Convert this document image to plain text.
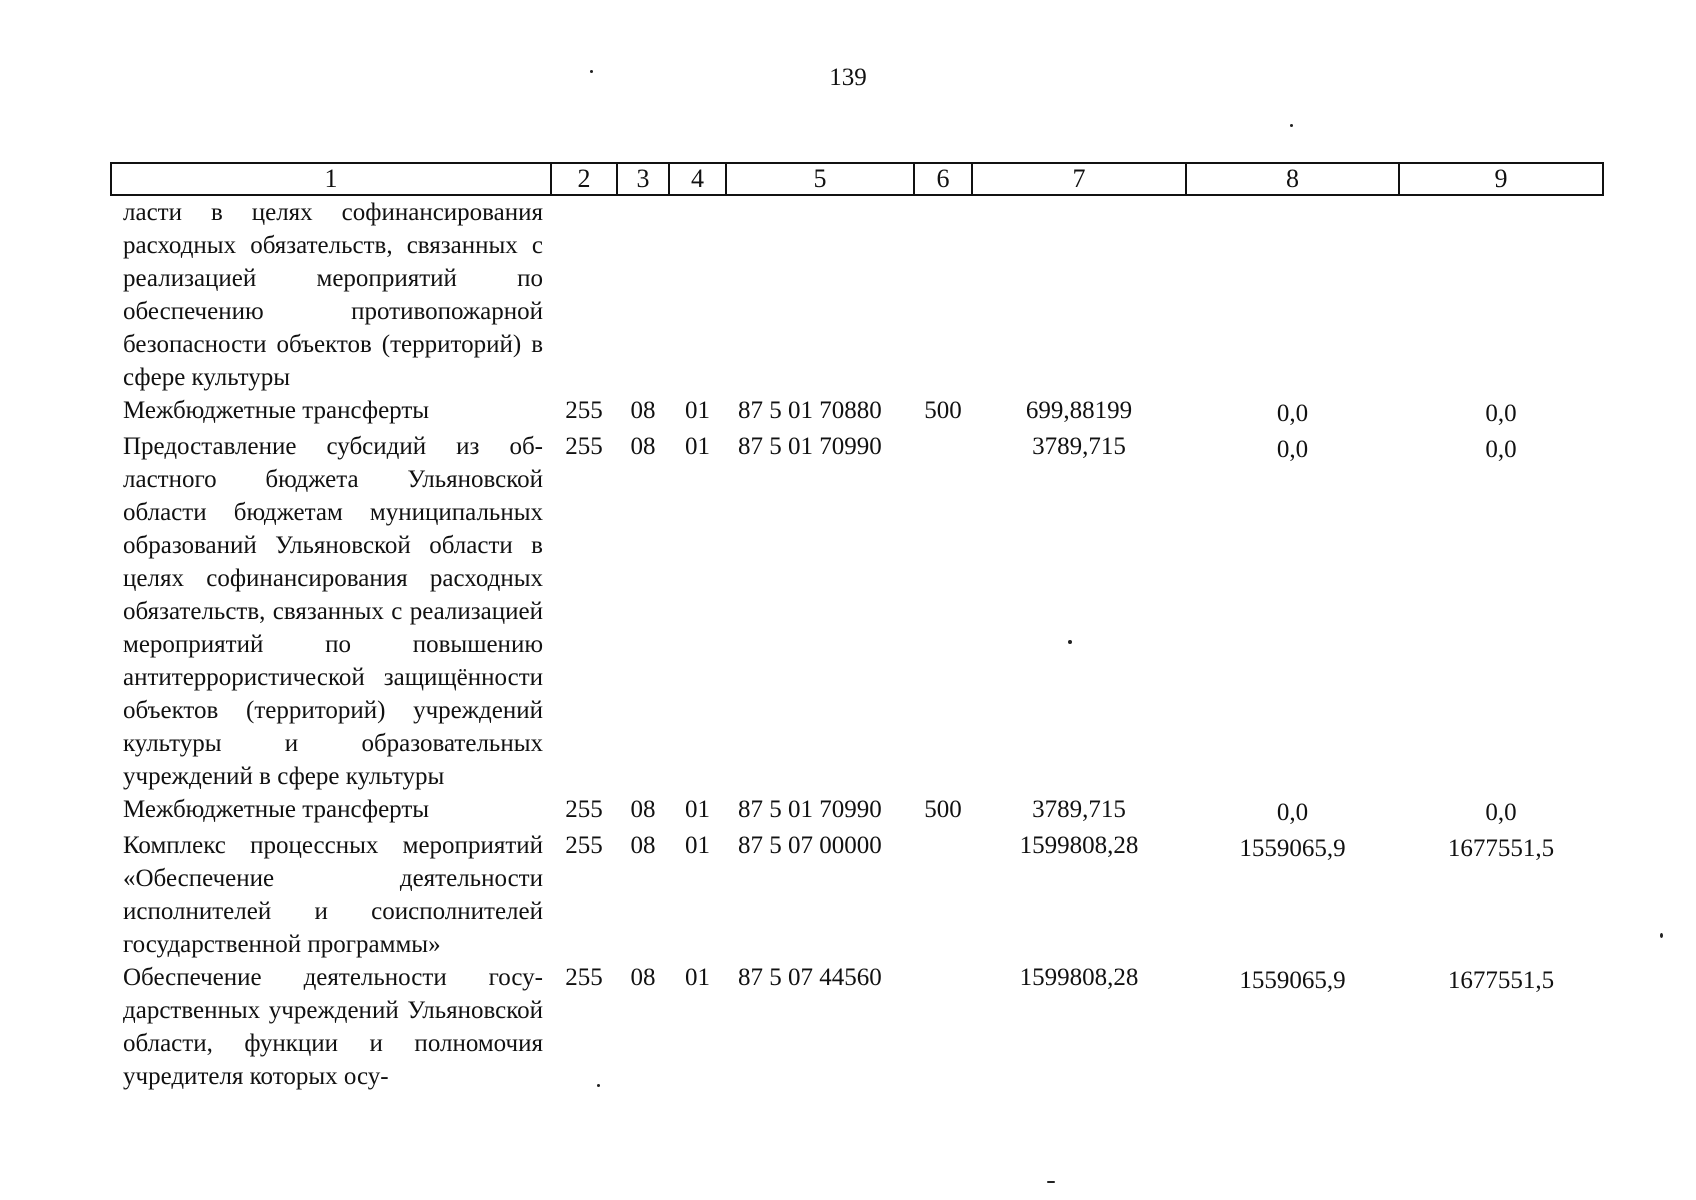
139
1	2	3	4	5	6	7	8	9
ласти в целях софинансирования расходных обязательств, связанных с реализацией мероприятий по обеспечению противопожарной безопасности объектов (территорий) в сфере культуры								
Межбюджетные трансферты	255	08	01	87 5 01 70880	500	699,88199	0,0	0,0
Предоставление субсидий из областного бюджета Ульяновской области бюджетам муниципальных образований Ульяновской области в целях софинансирования расходных обязательств, связанных с реализацией мероприятий по повышению антитеррористической защищённости объектов (территорий) учреждений культуры и образовательных учреждений в сфере культуры	255	08	01	87 5 01 70990		3789,715	0,0	0,0
Межбюджетные трансферты	255	08	01	87 5 01 70990	500	3789,715	0,0	0,0
Комплекс процессных мероприятий «Обеспечение деятельности исполнителей и соисполнителей государственной программы»	255	08	01	87 5 07 00000		1599808,28	1559065,9	1677551,5
Обеспечение деятельности государственных учреждений Ульяновской области, функции и полномочия учредителя которых осу-	255	08	01	87 5 07 44560		1599808,28	1559065,9	1677551,5
